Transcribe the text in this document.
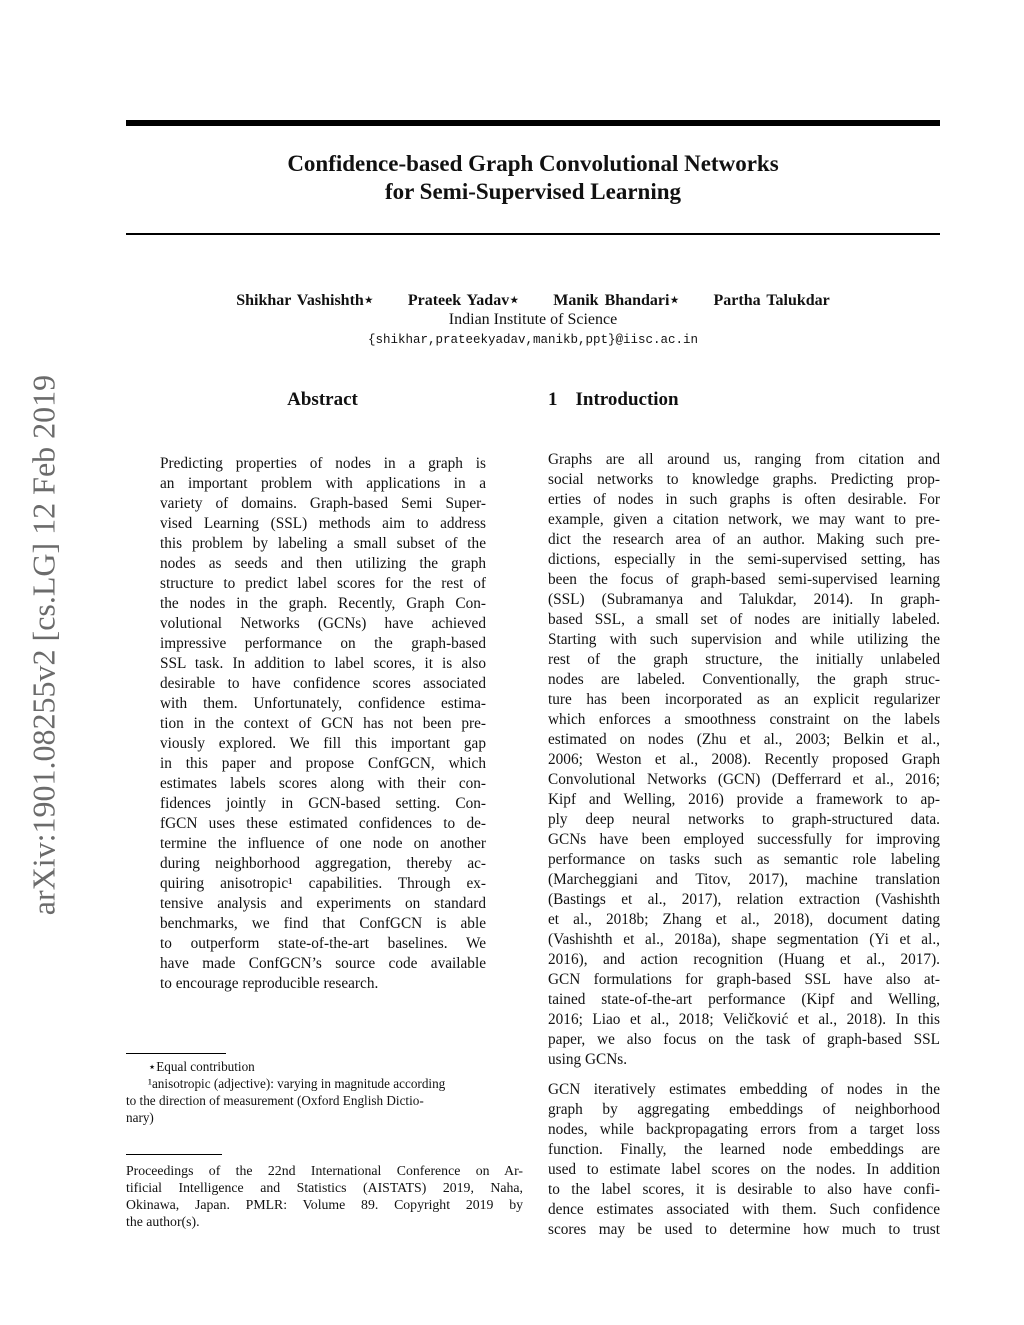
Confidence-based Graph Convolutional Networks
for Semi-Supervised Learning
Shikhar Vashishth⋆ Prateek Yadav⋆ Manik Bhandari⋆ Partha Talukdar
Indian Institute of Science
{shikhar,prateekyadav,manikb,ppt}@iisc.ac.in
arXiv:1901.08255v2 [cs.LG] 12 Feb 2019	Abstract	1 Introduction
Predicting properties of nodes in a graph is
an important problem with applications in a
variety of domains. Graph-based Semi Super-
vised Learning (SSL) methods aim to address
this problem by labeling a small subset of the
nodes as seeds and then utilizing the graph
structure to predict label scores for the rest of
the nodes in the graph. Recently, Graph Con-
volutional Networks (GCNs) have achieved
impressive performance on the graph-based
SSL task. In addition to label scores, it is also
desirable to have confidence scores associated
with them. Unfortunately, confidence estima-
tion in the context of GCN has not been pre-
viously explored. We fill this important gap
in this paper and propose ConfGCN, which
estimates labels scores along with their con-
fidences jointly in GCN-based setting. Con-
fGCN uses these estimated confidences to de-
termine the influence of one node on another
during neighborhood aggregation, thereby ac-
quiring anisotropic¹ capabilities. Through ex-
tensive analysis and experiments on standard
benchmarks, we find that ConfGCN is able
to outperform state-of-the-art baselines. We
have made ConfGCN’s source code available
to encourage reproducible research.
Graphs are all around us, ranging from citation and
social networks to knowledge graphs. Predicting prop-
erties of nodes in such graphs is often desirable. For
example, given a citation network, we may want to pre-
dict the research area of an author. Making such pre-
dictions, especially in the semi-supervised setting, has
been the focus of graph-based semi-supervised learning
(SSL) (Subramanya and Talukdar, 2014). In graph-
based SSL, a small set of nodes are initially labeled.
Starting with such supervision and while utilizing the
rest of the graph structure, the initially unlabeled
nodes are labeled. Conventionally, the graph struc-
ture has been incorporated as an explicit regularizer
which enforces a smoothness constraint on the labels
estimated on nodes (Zhu et al., 2003; Belkin et al.,
2006; Weston et al., 2008). Recently proposed Graph
Convolutional Networks (GCN) (Defferrard et al., 2016;
Kipf and Welling, 2016) provide a framework to ap-
ply deep neural networks to graph-structured data.
GCNs have been employed successfully for improving
performance on tasks such as semantic role labeling
(Marcheggiani and Titov, 2017), machine translation
(Bastings et al., 2017), relation extraction (Vashishth
et al., 2018b; Zhang et al., 2018), document dating
(Vashishth et al., 2018a), shape segmentation (Yi et al.,
2016), and action recognition (Huang et al., 2017).
GCN formulations for graph-based SSL have also at-
tained state-of-the-art performance (Kipf and Welling,
2016; Liao et al., 2018; Veličković et al., 2018). In this
paper, we also focus on the task of graph-based SSL
using GCNs.
GCN iteratively estimates embedding of nodes in the
graph by aggregating embeddings of neighborhood
nodes, while backpropagating errors from a target loss
function. Finally, the learned node embeddings are
used to estimate label scores on the nodes. In addition
to the label scores, it is desirable to also have confi-
dence estimates associated with them. Such confidence
scores may be used to determine how much to trust
⋆Equal contribution
¹anisotropic (adjective): varying in magnitude according
to the direction of measurement (Oxford English Dictio-
nary)
Proceedings of the 22nd International Conference on Ar-
tificial Intelligence and Statistics (AISTATS) 2019, Naha,
Okinawa, Japan. PMLR: Volume 89. Copyright 2019 by
the author(s).
